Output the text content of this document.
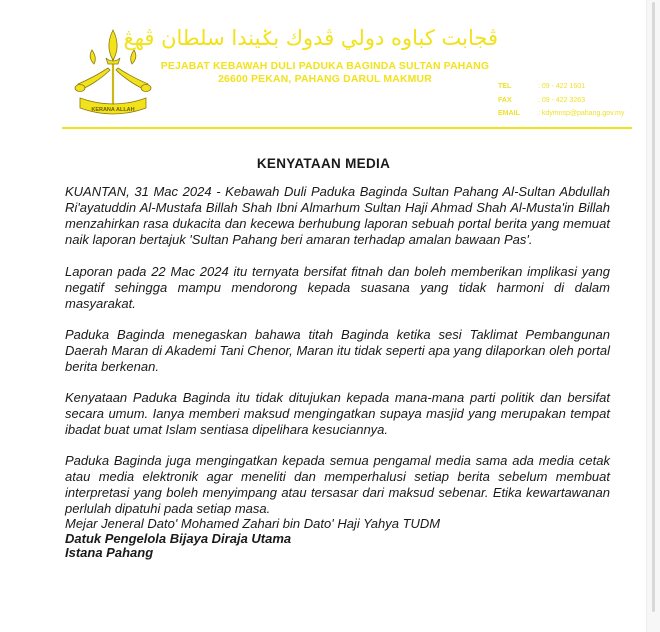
KERANA ALLAH
ڤجابت كباوه دولي ڤدوك بݢيندا سلطان ڤهڠ
PEJABAT KEBAWAH DULI PADUKA BAGINDA SULTAN PAHANG
26600 PEKAN, PAHANG DARUL MAKMUR
TEL	: 09 - 422 1601
FAX	: 09 - 422 3263
EMAIL	: kdymnsp@pahang.gov.my
KENYATAAN MEDIA

KUANTAN, 31 Mac 2024 - Kebawah Duli Paduka Baginda Sultan Pahang Al-Sultan Abdullah Ri'ayatuddin Al-Mustafa Billah Shah Ibni Almarhum Sultan Haji Ahmad Shah Al-Musta'in Billah menzahirkan rasa dukacita dan kecewa berhubung laporan sebuah portal berita yang memuat naik laporan bertajuk 'Sultan Pahang beri amaran terhadap amalan bawaan Pas'.

Laporan pada 22 Mac 2024 itu ternyata bersifat fitnah dan boleh memberikan implikasi yang negatif sehingga mampu mendorong kepada suasana yang tidak harmoni di dalam masyarakat.

Paduka Baginda menegaskan bahawa titah Baginda ketika sesi Taklimat Pembangunan Daerah Maran di Akademi Tani Chenor, Maran itu tidak seperti apa yang dilaporkan oleh portal berita berkenan.

Kenyataan Paduka Baginda itu tidak ditujukan kepada mana-mana parti politik dan bersifat secara umum. Ianya memberi maksud mengingatkan supaya masjid yang merupakan tempat ibadat buat umat Islam sentiasa dipelihara kesuciannya.

Paduka Baginda juga mengingatkan kepada semua pengamal media sama ada media cetak atau media elektronik agar meneliti dan memperhalusi setiap berita sebelum membuat interpretasi yang boleh menyimpang atau tersasar dari maksud sebenar. Etika kewartawanan perlulah dipatuhi pada setiap masa.

Mejar Jeneral Dato' Mohamed Zahari bin Dato' Haji Yahya TUDM
Datuk Pengelola Bijaya Diraja Utama
Istana Pahang
